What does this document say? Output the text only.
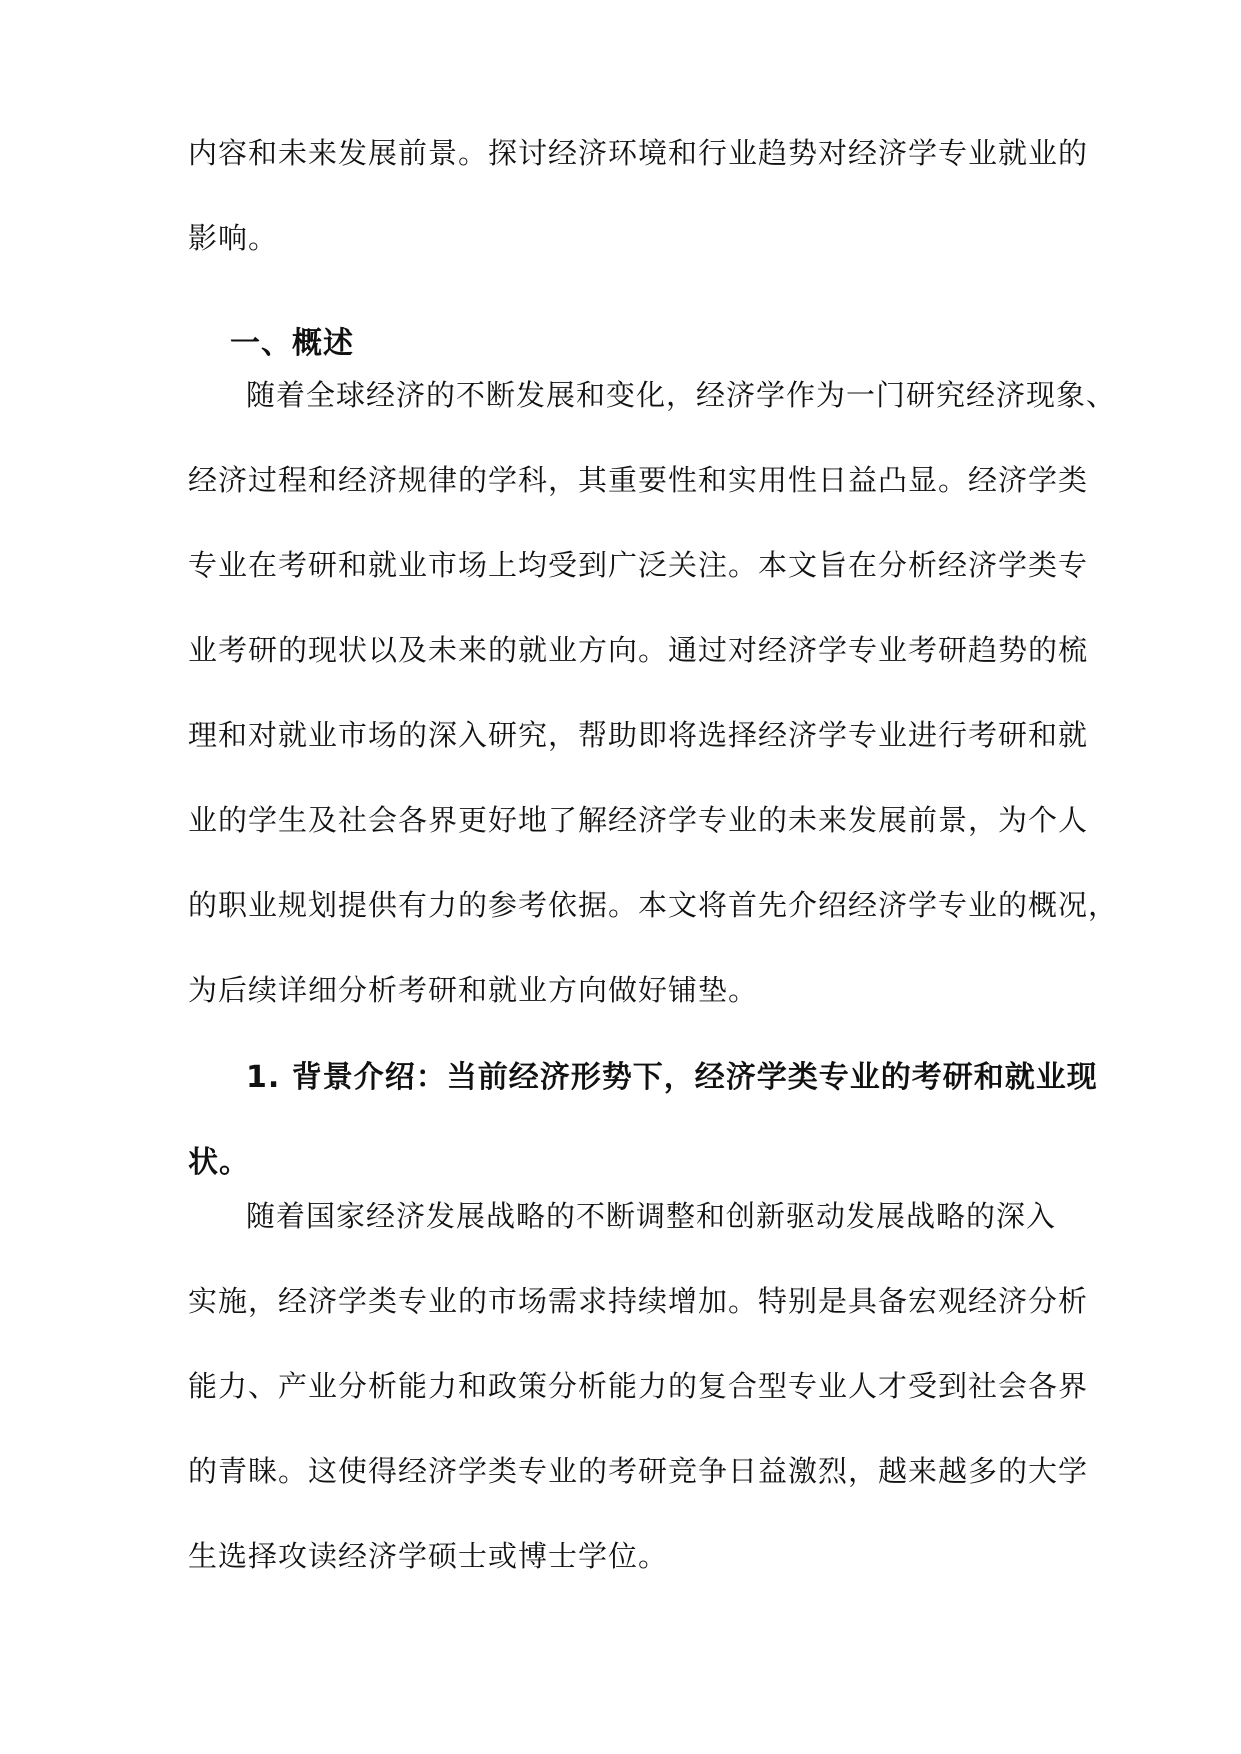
内容和未来发展前景。探讨经济环境和行业趋势对经济学专业就业的
影响。
一、概述
随着全球经济的不断发展和变化，经济学作为一门研究经济现象、
经济过程和经济规律的学科，其重要性和实用性日益凸显。经济学类
专业在考研和就业市场上均受到广泛关注。本文旨在分析经济学类专
业考研的现状以及未来的就业方向。通过对经济学专业考研趋势的梳
理和对就业市场的深入研究，帮助即将选择经济学专业进行考研和就
业的学生及社会各界更好地了解经济学专业的未来发展前景，为个人
的职业规划提供有力的参考依据。本文将首先介绍经济学专业的概况，
为后续详细分析考研和就业方向做好铺垫。
1. 背景介绍：当前经济形势下，经济学类专业的考研和就业现
状。
随着国家经济发展战略的不断调整和创新驱动发展战略的深入
实施，经济学类专业的市场需求持续增加。特别是具备宏观经济分析
能力、产业分析能力和政策分析能力的复合型专业人才受到社会各界
的青睐。这使得经济学类专业的考研竞争日益激烈，越来越多的大学
生选择攻读经济学硕士或博士学位。
